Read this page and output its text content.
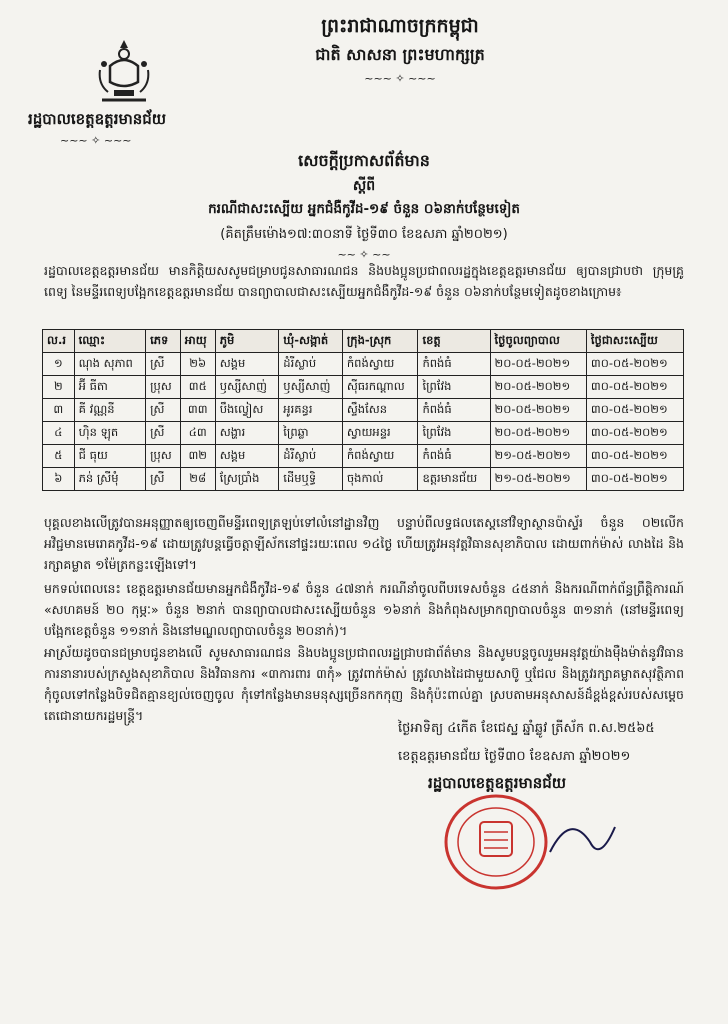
ព្រះរាជាណាចក្រកម្ពុជា
ជាតិ សាសនា ព្រះមហាក្សត្រ
~~~ ✧ ~~~
រដ្ឋបាលខេត្តឧត្តរមានជ័យ
~~~ ✧ ~~~
សេចក្តីប្រកាសព័ត៌មាន
ស្តីពី
ករណីជាសះស្បើយ អ្នកជំងឺកូវីដ-១៩ ចំនួន ០៦នាក់បន្ថែមទៀត
(គិតត្រឹមម៉ោង១៧:៣០នាទី ថ្ងៃទី៣០ ខែឧសភា ឆ្នាំ២០២១)
~~ ✧ ~~
រដ្ឋបាលខេត្តឧត្តរមានជ័យ មានកិត្តិយសសូមជម្រាបជូនសាធារណជន និងបងប្អូនប្រជាពលរដ្ឋក្នុងខេត្តឧត្តរមានជ័យ ឲ្យបានជ្រាបថា ក្រុមគ្រូពេទ្យ នៃមន្ទីរពេទ្យបង្អែកខេត្តឧត្តរមានជ័យ បានព្យាបាលជាសះស្បើយអ្នកជំងឺកូវីដ-១៩ ចំនួន ០៦នាក់បន្ថែមទៀតដូចខាងក្រោម៖
ល.រ	ឈ្មោះ	ភេទ	អាយុ	ភូមិ	ឃុំ-សង្កាត់	ក្រុង-ស្រុក	ខេត្ត	ថ្ងៃចូលព្យាបាល	ថ្ងៃជាសះស្បើយ
១	ណុង សុភាព	ស្រី	២៦	សង្គម	ដំរីស្លាប់	កំពង់ស្វាយ	កំពង់ធំ	២០-០៥-២០២១	៣០-០៥-២០២១
២	អ៊ី ធីតា	ប្រុស	៣៥	ឫស្សីសាញ់	ឫស្សីសាញ់	ស៊ីធរកណ្តាល	ព្រៃវែង	២០-០៥-២០២១	៣០-០៥-២០២១
៣	គី វណ្ណនី	ស្រី	៣៣	បឹងល្វៀស	អូរគន្ធរ	ស្ទឹងសែន	កំពង់ធំ	២០-០៥-២០២១	៣០-០៥-២០២១
៤	ហ៊ិន ឡុត	ស្រី	៤៣	សង្ហារ	ព្រៃឆ្លា	ស្វាយអន្ទរ	ព្រៃវែង	២០-០៥-២០២១	៣០-០៥-២០២១
៥	ជី ធុយ	ប្រុស	៣២	សង្គម	ដំរីស្លាប់	កំពង់ស្វាយ	កំពង់ធំ	២១-០៥-២០២១	៣០-០៥-២០២១
៦	ភន់ ស្រីមុំ	ស្រី	២៨	ស្រែប្រាំង	ដើមឬទ្ធិ	ចុងកាល់	ឧត្តរមានជ័យ	២១-០៥-២០២១	៣០-០៥-២០២១
បុគ្គលខាងលើត្រូវបានអនុញ្ញាតឲ្យចេញពីមន្ទីរពេទ្យត្រឡប់ទៅលំនៅដ្ឋានវិញ បន្ទាប់ពីលទ្ធផលតេស្តនៅវិទ្យាស្ថានប៉ាស្ទ័រ ចំនួន ០២លើក អវិជ្ជមានមេរោគកូវីដ-១៩ ដោយត្រូវបន្តធ្វើចត្តាឡីស័កនៅផ្ទះរយៈពេល ១៤ថ្ងៃ ហើយត្រូវអនុវត្តវិធានសុខាភិបាល ដោយពាក់ម៉ាស់ លាងដៃ និងរក្សាគម្លាត ១ម៉ែត្រកន្លះឡើងទៅ។
មកទល់ពេលនេះ ខេត្តឧត្តរមានជ័យមានអ្នកជំងឺកូវីដ-១៩ ចំនួន ៤៧នាក់ ករណីនាំចូលពីបរទេសចំនួន ៤៥នាក់ និងករណីពាក់ព័ន្ធព្រឹត្តិការណ៍ «សហគមន៍ ២០ កុម្ភៈ» ចំនួន ២នាក់ បានព្យាបាលជាសះស្បើយចំនួន ១៦នាក់ និងកំពុងសម្រាកព្យាបាលចំនួន ៣១នាក់ (នៅមន្ទីរពេទ្យបង្អែកខេត្តចំនួន ១១នាក់ និងនៅមណ្ឌលព្យាបាលចំនួន ២០នាក់)។
អាស្រ័យដូចបានជម្រាបជូនខាងលើ សូមសាធារណជន និងបងប្អូនប្រជាពលរដ្ឋជ្រាបជាព័ត៌មាន និងសូមបន្តចូលរួមអនុវត្តយ៉ាងម៉ឺងម៉ាត់នូវវិធានការនានារបស់ក្រសួងសុខាភិបាល និងវិធានការ «៣ការពារ ៣កុំ» ត្រូវពាក់ម៉ាស់ ត្រូវលាងដៃជាមួយសាប៊ូ ឬជែល និងត្រូវរក្សាគម្លាតសុវត្ថិភាព កុំចូលទៅកន្លែងបិទជិតគ្មានខ្យល់ចេញចូល កុំទៅកន្លែងមានមនុស្សច្រើនកកកុញ និងកុំប៉ះពាល់គ្នា ស្របតាមអនុសាសន៍ដ៏ខ្ពង់ខ្ពស់របស់សម្តេចតេជោនាយករដ្ឋមន្ត្រី។
ថ្ងៃអាទិត្យ ៤កើត ខែជេស្ឋ ឆ្នាំឆ្លូវ ត្រីស័ក ព.ស.២៥៦៥
ខេត្តឧត្តរមានជ័យ ថ្ងៃទី៣០ ខែឧសភា ឆ្នាំ២០២១
រដ្ឋបាលខេត្តឧត្តរមានជ័យ
